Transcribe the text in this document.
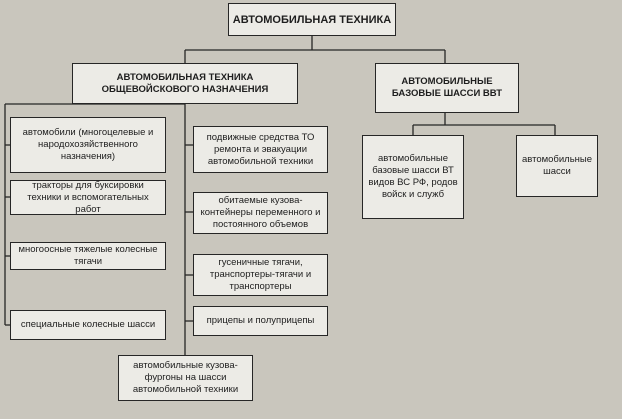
АВТОМОБИЛЬНАЯ ТЕХНИКА
АВТОМОБИЛЬНАЯ ТЕХНИКА ОБЩЕВОЙСКОВОГО НАЗНАЧЕНИЯ
АВТОМОБИЛЬНЫЕ БАЗОВЫЕ ШАССИ ВВТ
автомобили (многоцелевые и народохозяйственного назначения)
тракторы для буксировки техники и вспомогательных работ
многоосные тяжелые колесные тягачи
специальные колесные шасси
подвижные средства ТО ремонта и эвакуации автомобильной техники
обитаемые кузова-контейнеры переменного и постоянного объемов
гусеничные тягачи, транспортеры-тягачи и транспортеры
прицепы и полуприцепы
автомобильные кузова-фургоны на шасси автомобильной техники
автомобильные базовые шасси ВТ видов ВС РФ, родов войск и служб
автомобильные шасси
